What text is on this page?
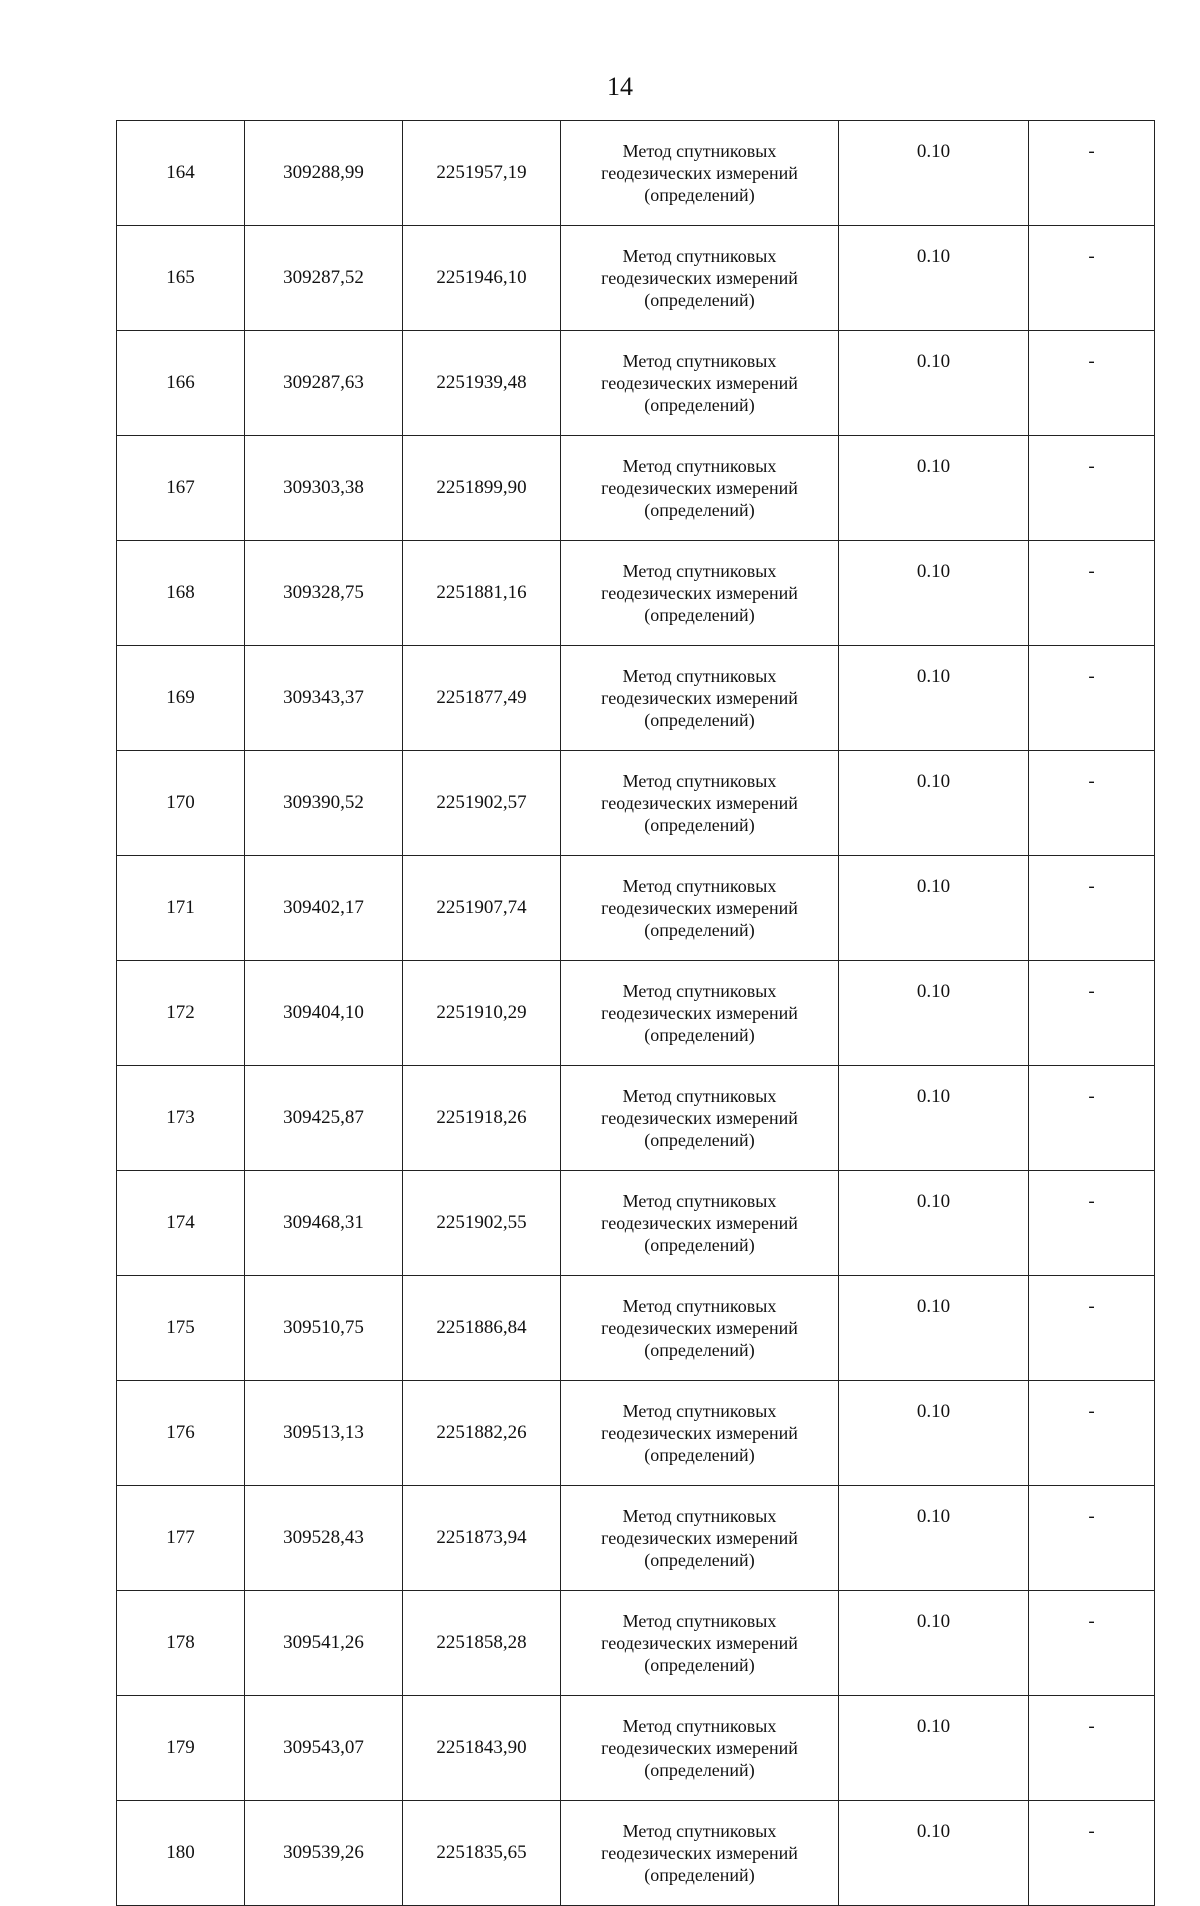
14
164	309288,99	2251957,19	Метод спутниковых
геодезических измерений
(определений)	0.10	-
165	309287,52	2251946,10	Метод спутниковых
геодезических измерений
(определений)	0.10	-
166	309287,63	2251939,48	Метод спутниковых
геодезических измерений
(определений)	0.10	-
167	309303,38	2251899,90	Метод спутниковых
геодезических измерений
(определений)	0.10	-
168	309328,75	2251881,16	Метод спутниковых
геодезических измерений
(определений)	0.10	-
169	309343,37	2251877,49	Метод спутниковых
геодезических измерений
(определений)	0.10	-
170	309390,52	2251902,57	Метод спутниковых
геодезических измерений
(определений)	0.10	-
171	309402,17	2251907,74	Метод спутниковых
геодезических измерений
(определений)	0.10	-
172	309404,10	2251910,29	Метод спутниковых
геодезических измерений
(определений)	0.10	-
173	309425,87	2251918,26	Метод спутниковых
геодезических измерений
(определений)	0.10	-
174	309468,31	2251902,55	Метод спутниковых
геодезических измерений
(определений)	0.10	-
175	309510,75	2251886,84	Метод спутниковых
геодезических измерений
(определений)	0.10	-
176	309513,13	2251882,26	Метод спутниковых
геодезических измерений
(определений)	0.10	-
177	309528,43	2251873,94	Метод спутниковых
геодезических измерений
(определений)	0.10	-
178	309541,26	2251858,28	Метод спутниковых
геодезических измерений
(определений)	0.10	-
179	309543,07	2251843,90	Метод спутниковых
геодезических измерений
(определений)	0.10	-
180	309539,26	2251835,65	Метод спутниковых
геодезических измерений
(определений)	0.10	-
